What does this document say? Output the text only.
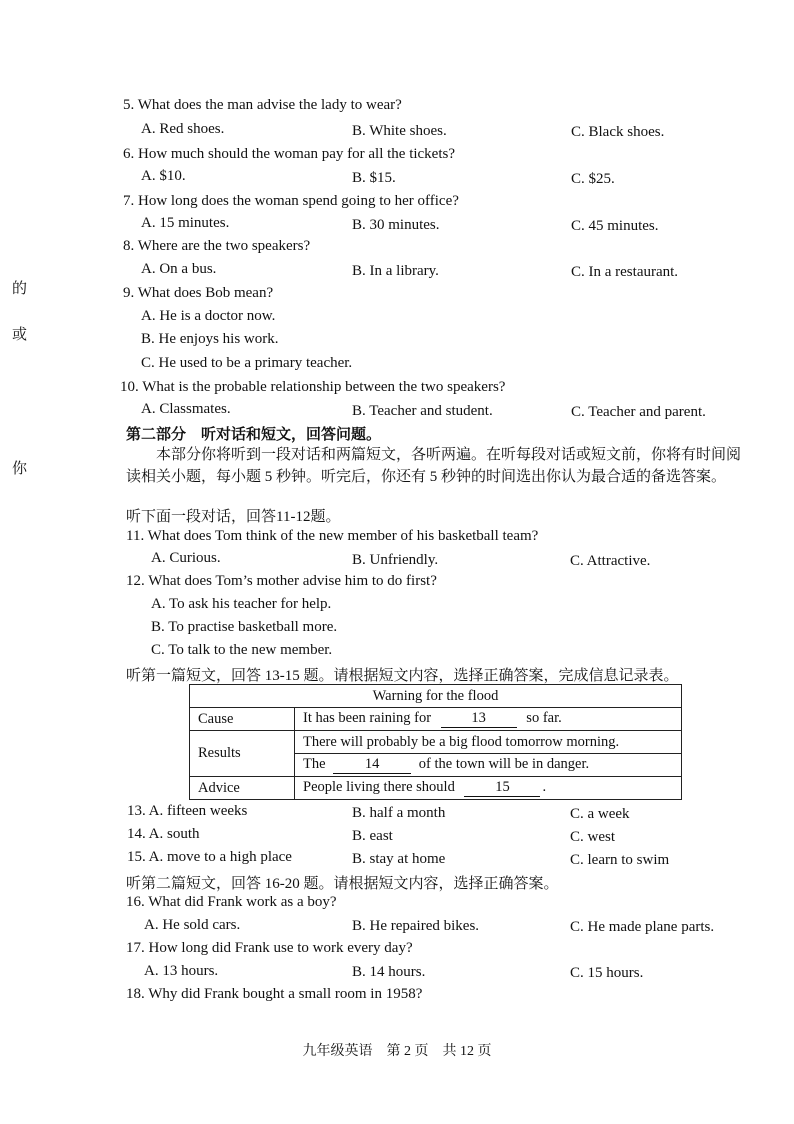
的
或
你
5. What does the man advise the lady to wear?
A. Red shoes.	B. White shoes.	C. Black shoes.
6. How much should the woman pay for all the tickets?
A. $10.	B. $15.	C. $25.
7. How long does the woman spend going to her office?
A. 15 minutes.	B. 30 minutes.	C. 45 minutes.
8. Where are the two speakers?
A. On a bus.	B. In a library.	C. In a restaurant.
9. What does Bob mean?
A. He is a doctor now.
B. He enjoys his work.
C. He used to be a primary teacher.
10. What is the probable relationship between the two speakers?
A. Classmates.	B. Teacher and student.	C. Teacher and parent.
第二部分　听对话和短文，回答问题。
本部分你将听到一段对话和两篇短文，各听两遍。在听每段对话或短文前，你将有时间阅读相关小题，每小题 5 秒钟。听完后，你还有 5 秒钟的时间选出你认为最合适的备选答案。
听下面一段对话，回答11-12题。
11. What does Tom think of the new member of his basketball team?
A. Curious.	B. Unfriendly.	C. Attractive.
12. What does Tom’s mother advise him to do first?
A. To ask his teacher for help.
B. To practise basketball more.
C. To talk to the new member.
听第一篇短文，回答 13-15 题。请根据短文内容，选择正确答案，完成信息记录表。
Warning for the flood	
Cause	It has been raining for 13 so far.
Results	There will probably be a big flood tomorrow morning.
	The 14 of the town will be in danger.
Advice	People living there should 15 .
13. A. fifteen weeks	B. half a month	C. a week
14. A. south	B. east	C. west
15. A. move to a high place	B. stay at home	C. learn to swim
听第二篇短文，回答 16-20 题。请根据短文内容，选择正确答案。
16. What did Frank work as a boy?
A. He sold cars.	B. He repaired bikes.	C. He made plane parts.
17. How long did Frank use to work every day?
A. 13 hours.	B. 14 hours.	C. 15 hours.
18. Why did Frank bought a small room in 1958?
九年级英语　第 2 页　共 12 页
